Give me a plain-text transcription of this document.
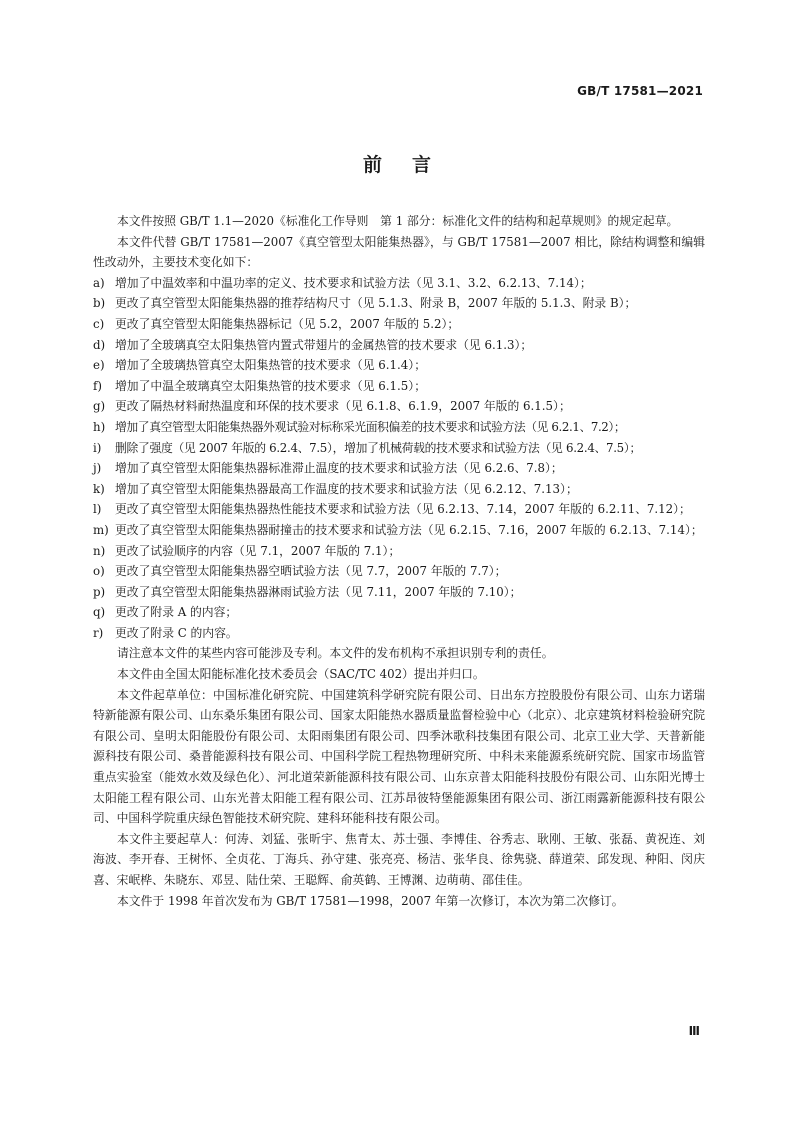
GB/T 17581—2021
前言

本文件按照 GB/T 1.1—2020《标准化工作导则　第 1 部分：标准化文件的结构和起草规则》的规定起草。

本文件代替 GB/T 17581—2007《真空管型太阳能集热器》，与 GB/T 17581—2007 相比，除结构调整和编辑性改动外，主要技术变化如下：

a) 增加了中温效率和中温功率的定义、技术要求和试验方法（见 3.1、3.2、6.2.13、7.14）；
b) 更改了真空管型太阳能集热器的推荐结构尺寸（见 5.1.3、附录 B，2007 年版的 5.1.3、附录 B）；
c) 更改了真空管型太阳能集热器标记（见 5.2，2007 年版的 5.2）；
d) 增加了全玻璃真空太阳集热管内置式带翅片的金属热管的技术要求（见 6.1.3）；
e) 增加了全玻璃热管真空太阳集热管的技术要求（见 6.1.4）；
f)	增加了中温全玻璃真空太阳集热管的技术要求（见 6.1.5）；
g) 更改了隔热材料耐热温度和环保的技术要求（见 6.1.8、6.1.9，2007 年版的 6.1.5）；
h) 增加了真空管型太阳能集热器外观试验对标称采光面积偏差的技术要求和试验方法（见 6.2.1、7.2）；
i)	删除了强度（见 2007 年版的 6.2.4、7.5），增加了机械荷载的技术要求和试验方法（见 6.2.4、7.5）；
j)	增加了真空管型太阳能集热器标准滞止温度的技术要求和试验方法（见 6.2.6、7.8）；
k) 增加了真空管型太阳能集热器最高工作温度的技术要求和试验方法（见 6.2.12、7.13）；
l)	更改了真空管型太阳能集热器热性能技术要求和试验方法（见 6.2.13、7.14，2007 年版的 6.2.11、7.12）；
m) 更改了真空管型太阳能集热器耐撞击的技术要求和试验方法（见 6.2.15、7.16，2007 年版的 6.2.13、7.14）；
n) 更改了试验顺序的内容（见 7.1，2007 年版的 7.1）；
o) 更改了真空管型太阳能集热器空晒试验方法（见 7.7，2007 年版的 7.7）；
p) 更改了真空管型太阳能集热器淋雨试验方法（见 7.11，2007 年版的 7.10）；
q) 更改了附录 A 的内容；
r) 更改了附录 C 的内容。

请注意本文件的某些内容可能涉及专利。本文件的发布机构不承担识别专利的责任。

本文件由全国太阳能标准化技术委员会（SAC/TC 402）提出并归口。

本文件起草单位：中国标准化研究院、中国建筑科学研究院有限公司、日出东方控股股份有限公司、山东力诺瑞特新能源有限公司、山东桑乐集团有限公司、国家太阳能热水器质量监督检验中心（北京）、北京建筑材料检验研究院有限公司、皇明太阳能股份有限公司、太阳雨集团有限公司、四季沐歌科技集团有限公司、北京工业大学、天普新能源科技有限公司、桑普能源科技有限公司、中国科学院工程热物理研究所、中科未来能源系统研究院、国家市场监管重点实验室（能效水效及绿色化）、河北道荣新能源科技有限公司、山东京普太阳能科技股份有限公司、山东阳光博士太阳能工程有限公司、山东光普太阳能工程有限公司、江苏昂彼特堡能源集团有限公司、浙江雨露新能源科技有限公司、中国科学院重庆绿色智能技术研究院、建科环能科技有限公司。

本文件主要起草人：何涛、刘猛、张昕宇、焦青太、苏士强、李博佳、谷秀志、耿刚、王敏、张磊、黄祝连、刘海波、李开春、王树怀、全贞花、丁海兵、孙守建、张亮亮、杨洁、张华良、徐隽骁、薛道荣、邱发现、种阳、闵庆喜、宋岷桦、朱晓东、邓昱、陆仕荣、王聪辉、俞英鹤、王博渊、边萌萌、邵佳佳。

本文件于 1998 年首次发布为 GB/T 17581—1998，2007 年第一次修订，本次为第二次修订。

Ⅲ
